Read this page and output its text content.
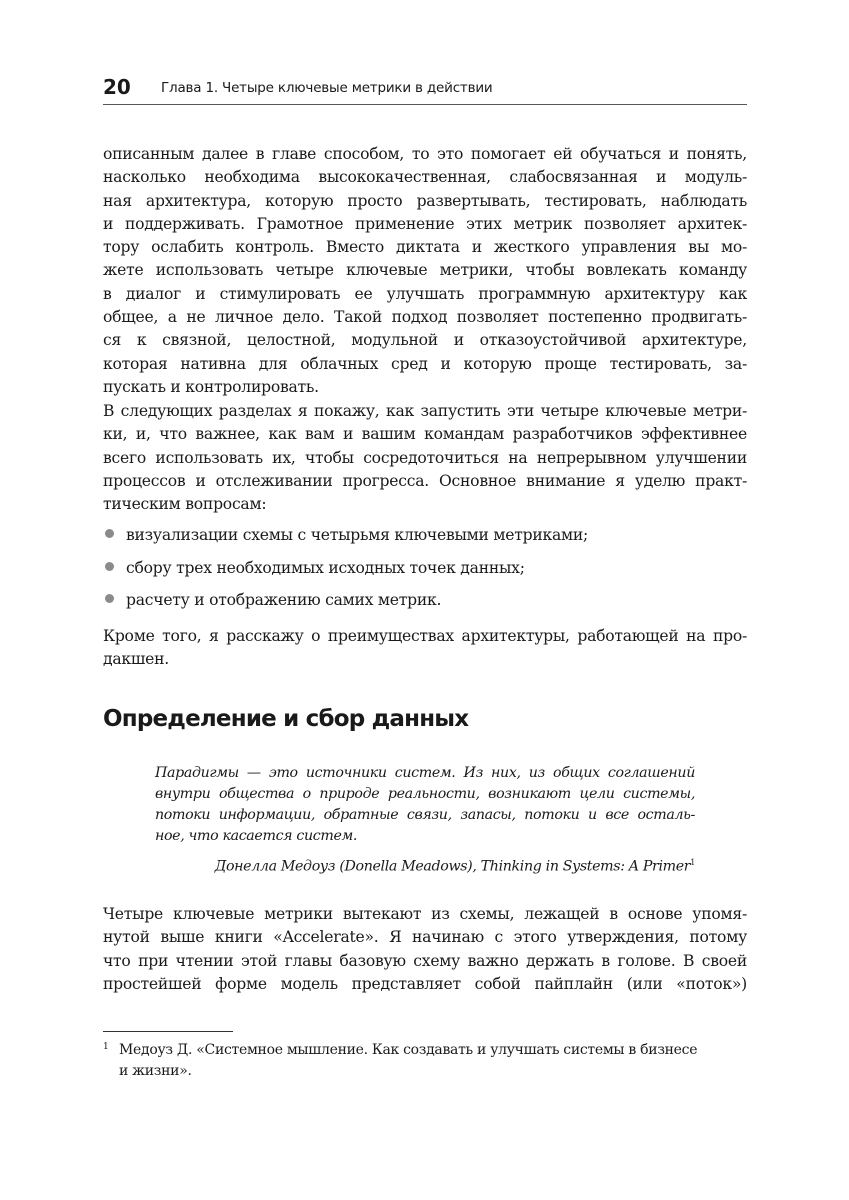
20 Глава 1. Четыре ключевые метрики в действии
описанным далее в главе способом, то это помогает ей обучаться и понять,
насколько необходима высококачественная, слабосвязанная и модуль-
ная архитектура, которую просто развертывать, тестировать, наблюдать
и поддерживать. Грамотное применение этих метрик позволяет архитек-
тору ослабить контроль. Вместо диктата и жесткого управления вы мо-
жете использовать четыре ключевые метрики, чтобы вовлекать команду
в диалог и стимулировать ее улучшать программную архитектуру как
общее, а не личное дело. Такой подход позволяет постепенно продвигать-
ся к связной, целостной, модульной и отказоустойчивой архитектуре,
которая нативна для облачных сред и которую проще тестировать, за-
пускать и контролировать.
В следующих разделах я покажу, как запустить эти четыре ключевые метри-
ки, и, что важнее, как вам и вашим командам разработчиков эффективнее
всего использовать их, чтобы сосредоточиться на непрерывном улучшении
процессов и отслеживании прогресса. Основное внимание я уделю практ-
тическим вопросам:
визуализации схемы с четырьмя ключевыми метриками;
сбору трех необходимых исходных точек данных;
расчету и отображению самих метрик.
Кроме того, я расскажу о преимуществах архитектуры, работающей на про-
дакшен.
Определение и сбор данных
Парадигмы — это источники систем. Из них, из общих соглашений
внутри общества о природе реальности, возникают цели системы,
потоки информации, обратные связи, запасы, потоки и все осталь-
ное, что касается систем.
Донелла Медоуз (Donella Meadows), Thinking in Systems: A Primer$^1$
Четыре ключевые метрики вытекают из схемы, лежащей в основе упомя-
нутой выше книги «Accelerate». Я начинаю с этого утверждения, потому
что при чтении этой главы базовую схему важно держать в голове. В своей
простейшей форме модель представляет собой пайплайн (или «поток»)
1 Медоуз Д. «Системное мышление. Как создавать и улучшать системы в бизнесе
и жизни».
